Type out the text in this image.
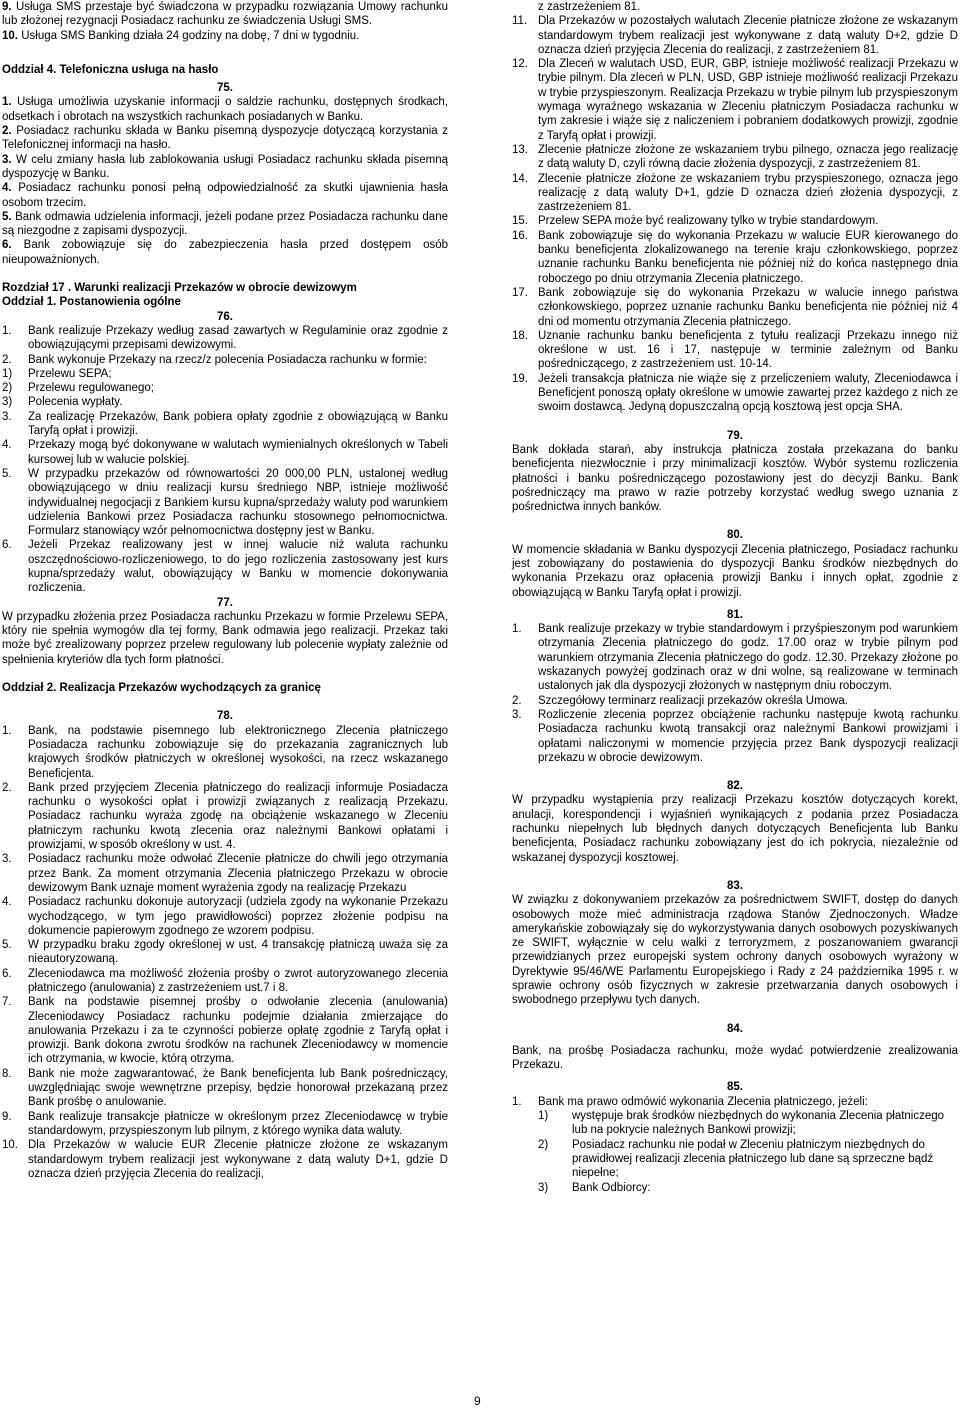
9. Usługa SMS przestaje być świadczona w przypadku rozwiązania Umowy rachunku lub złożonej rezygnacji Posiadacz rachunku ze świadczenia Usługi SMS.

10. Usługa SMS Banking działa 24 godziny na dobę, 7 dni w tygodniu.

Oddział 4. Telefoniczna usługa na hasło

75.

1. Usługa umożliwia uzyskanie informacji o saldzie rachunku, dostępnych środkach, odsetkach i obrotach na wszystkich rachunkach posiadanych w Banku.

2. Posiadacz rachunku składa w Banku pisemną dyspozycje dotyczącą korzystania z Telefonicznej informacji na hasło.

3. W celu zmiany hasła lub zablokowania usługi Posiadacz rachunku składa pisemną dyspozycję w Banku.

4. Posiadacz rachunku ponosi pełną odpowiedzialność za skutki ujawnienia hasła osobom trzecim.

5. Bank odmawia udzielenia informacji, jeżeli podane przez Posiadacza rachunku dane są niezgodne z zapisami dyspozycji.

6. Bank zobowiązuje się do zabezpieczenia hasła przed dostępem osób nieupoważnionych.

Rozdział 17 . Warunki realizacji Przekazów w obrocie dewizowym

Oddział 1. Postanowienia ogólne

76.

1. Bank realizuje Przekazy według zasad zawartych w Regulaminie oraz zgodnie z obowiązującymi przepisami dewizowymi.

2. Bank wykonuje Przekazy na rzecz/z polecenia Posiadacza rachunku w formie:

1) Przelewu SEPA;

2) Przelewu regulowanego;

3) Polecenia wypłaty.

3. Za realizację Przekazów, Bank pobiera opłaty zgodnie z obowiązującą w Banku Taryfą opłat i prowizji.

4. Przekazy mogą być dokonywane w walutach wymienialnych określonych w Tabeli kursowej lub w walucie polskiej.

5. W przypadku przekazów od równowartości 20 000,00 PLN, ustalonej według obowiązującego w dniu realizacji kursu średniego NBP, istnieje możliwość indywidualnej negocjacji z Bankiem kursu kupna/sprzedaży waluty pod warunkiem udzielenia Bankowi przez Posiadacza rachunku stosownego pełnomocnictwa. Formularz stanowiący wzór pełnomocnictwa dostępny jest w Banku.

6. Jeżeli Przekaz realizowany jest w innej walucie niż waluta rachunku oszczędnościowo-rozliczeniowego, to do jego rozliczenia zastosowany jest kurs kupna/sprzedaży walut, obowiązujący w Banku w momencie dokonywania rozliczenia.

77.

W przypadku złożenia przez Posiadacza rachunku Przekazu w formie Przelewu SEPA, który nie spełnia wymogów dla tej formy, Bank odmawia jego realizacji. Przekaz taki może być zrealizowany poprzez przelew regulowany lub polecenie wypłaty zależnie od spełnienia kryteriów dla tych form płatności.

Oddział 2. Realizacja Przekazów wychodzących za granicę

78.

1. Bank, na podstawie pisemnego lub elektronicznego Zlecenia płatniczego Posiadacza rachunku zobowiązuje się do przekazania zagranicznych lub krajowych środków płatniczych w określonej wysokości, na rzecz wskazanego Beneficjenta.

2. Bank przed przyjęciem Zlecenia płatniczego do realizacji informuje Posiadacza rachunku o wysokości opłat i prowizji związanych z realizacją Przekazu. Posiadacz rachunku wyraża zgodę na obciążenie wskazanego w Zleceniu płatniczym rachunku kwotą zlecenia oraz należnymi Bankowi opłatami i prowizjami, w sposób określony w ust. 4.

3. Posiadacz rachunku może odwołać Zlecenie płatnicze do chwili jego otrzymania przez Bank. Za moment otrzymania Zlecenia płatniczego Przekazu w obrocie dewizowym Bank uznaje moment wyrażenia zgody na realizację Przekazu

4. Posiadacz rachunku dokonuje autoryzacji (udziela zgody na wykonanie Przekazu wychodzącego, w tym jego prawidłowości) poprzez złożenie podpisu na dokumencie papierowym zgodnego ze wzorem podpisu.

5. W przypadku braku zgody określonej w ust. 4 transakcję płatniczą uważa się za nieautoryzowaną.

6. Zleceniodawca ma możliwość złożenia prośby o zwrot autoryzowanego zlecenia płatniczego (anulowania) z zastrzeżeniem ust.7 i 8.

7. Bank na podstawie pisemnej prośby o odwołanie zlecenia (anulowania) Zleceniodawcy Posiadacz rachunku podejmie działania zmierzające do anulowania Przekazu i za te czynności pobierze opłatę zgodnie z Taryfą opłat i prowizji. Bank dokona zwrotu środków na rachunek Zleceniodawcy w momencie ich otrzymania, w kwocie, którą otrzyma.

8. Bank nie może zagwarantować, że Bank beneficjenta lub Bank pośredniczący, uwzględniając swoje wewnętrzne przepisy, będzie honorował przekazaną przez Bank prośbę o anulowanie.

9. Bank realizuje transakcje płatnicze w określonym przez Zleceniodawcę w trybie standardowym, przyspieszonym lub pilnym, z którego wynika data waluty.

10. Dla Przekazów w walucie EUR Zlecenie płatnicze złożone ze wskazanym standardowym trybem realizacji jest wykonywane z datą waluty D+1, gdzie D oznacza dzień przyjęcia Zlecenia do realizacji,

z zastrzeżeniem 81.

11. Dla Przekazów w pozostałych walutach Zlecenie płatnicze złożone ze wskazanym standardowym trybem realizacji jest wykonywane z datą waluty D+2, gdzie D oznacza dzień przyjęcia Zlecenia do realizacji, z zastrzeżeniem 81.

12. Dla Zleceń w walutach USD, EUR, GBP, istnieje możliwość realizacji Przekazu w trybie pilnym. Dla zleceń w PLN, USD, GBP istnieje możliwość realizacji Przekazu w trybie przyspieszonym. Realizacja Przekazu w trybie pilnym lub przyspieszonym wymaga wyraźnego wskazania w Zleceniu płatniczym Posiadacza rachunku w tym zakresie i wiąże się z naliczeniem i pobraniem dodatkowych prowizji, zgodnie z Taryfą opłat i prowizji.

13. Zlecenie płatnicze złożone ze wskazaniem trybu pilnego, oznacza jego realizację z datą waluty D, czyli równą dacie złożenia dyspozycji, z zastrzeżeniem 81.

14. Zlecenie płatnicze złożone ze wskazaniem trybu przyspieszonego, oznacza jego realizację z datą waluty D+1, gdzie D oznacza dzień złożenia dyspozycji, z zastrzeżeniem 81.

15. Przelew SEPA może być realizowany tylko w trybie standardowym.

16. Bank zobowiązuje się do wykonania Przekazu w walucie EUR kierowanego do banku beneficjenta zlokalizowanego na terenie kraju członkowskiego, poprzez uznanie rachunku Banku beneficjenta nie później niż do końca następnego dnia roboczego po dniu otrzymania Zlecenia płatniczego.

17. Bank zobowiązuje się do wykonania Przekazu w walucie innego państwa członkowskiego, poprzez uznanie rachunku Banku beneficjenta nie później niż 4 dni od momentu otrzymania Zlecenia płatniczego.

18. Uznanie rachunku banku beneficjenta z tytułu realizacji Przekazu innego niż określone w ust. 16 i 17, następuje w terminie zależnym od Banku pośredniczącego, z zastrzeżeniem ust. 10-14.

19. Jeżeli transakcja płatnicza nie wiąże się z przeliczeniem waluty, Zleceniodawca i Beneficjent ponoszą opłaty określone w umowie zawartej przez każdego z nich ze swoim dostawcą. Jedyną dopuszczalną opcją kosztową jest opcja SHA.

79.

Bank dokłada starań, aby instrukcja płatnicza została przekazana do banku beneficjenta niezwłocznie i przy minimalizacji kosztów. Wybór systemu rozliczenia płatności i banku pośredniczącego pozostawiony jest do decyzji Banku. Bank pośredniczący ma prawo w razie potrzeby korzystać według swego uznania z pośrednictwa innych banków.

80.

W momencie składania w Banku dyspozycji Zlecenia płatniczego, Posiadacz rachunku jest zobowiązany do postawienia do dyspozycji Banku środków niezbędnych do wykonania Przekazu oraz opłacenia prowizji Banku i innych opłat, zgodnie z obowiązującą w Banku Taryfą opłat i prowizji.

81.

1. Bank realizuje przekazy w trybie standardowym i przyśpieszonym pod warunkiem otrzymania Zlecenia płatniczego do godz. 17.00 oraz w trybie pilnym pod warunkiem otrzymania Zlecenia płatniczego do godz. 12.30. Przekazy złożone po wskazanych powyżej godzinach oraz w dni wolne, są realizowane w terminach ustalonych jak dla dyspozycji złożonych w następnym dniu roboczym.

2. Szczegółowy terminarz realizacji przekazów określa Umowa.

3. Rozliczenie zlecenia poprzez obciążenie rachunku następuje kwotą rachunku Posiadacza rachunku kwotą transakcji oraz należnymi Bankowi prowizjami i opłatami naliczonymi w momencie przyjęcia przez Bank dyspozycji realizacji przekazu w obrocie dewizowym.

82.

W przypadku wystąpienia przy realizacji Przekazu kosztów dotyczących korekt, anulacji, korespondencji i wyjaśnień wynikających z podania przez Posiadacza rachunku niepełnych lub błędnych danych dotyczących Beneficjenta lub Banku beneficjenta, Posiadacz rachunku zobowiązany jest do ich pokrycia, niezależnie od wskazanej dyspozycji kosztowej.

83.

W związku z dokonywaniem przekazów za pośrednictwem SWIFT, dostęp do danych osobowych może mieć administracja rządowa Stanów Zjednoczonych. Władze amerykańskie zobowiązały się do wykorzystywania danych osobowych pozyskiwanych ze SWIFT, wyłącznie w celu walki z terroryzmem, z poszanowaniem gwarancji przewidzianych przez europejski system ochrony danych osobowych wyrażony w Dyrektywie 95/46/WE Parlamentu Europejskiego i Rady z 24 października 1995 r. w sprawie ochrony osób fizycznych w zakresie przetwarzania danych osobowych i swobodnego przepływu tych danych.

84.

Bank, na prośbę Posiadacza rachunku, może wydać potwierdzenie zrealizowania Przekazu.

85.

1. Bank ma prawo odmówić wykonania Zlecenia płatniczego, jeżeli:

1) występuje brak środków niezbędnych do wykonania Zlecenia płatniczego lub na pokrycie należnych Bankowi prowizji;

2) Posiadacz rachunku nie podał w Zleceniu płatniczym niezbędnych do prawidłowej realizacji zlecenia płatniczego lub dane są sprzeczne bądź niepełne;

3) Bank Odbiorcy:

9
